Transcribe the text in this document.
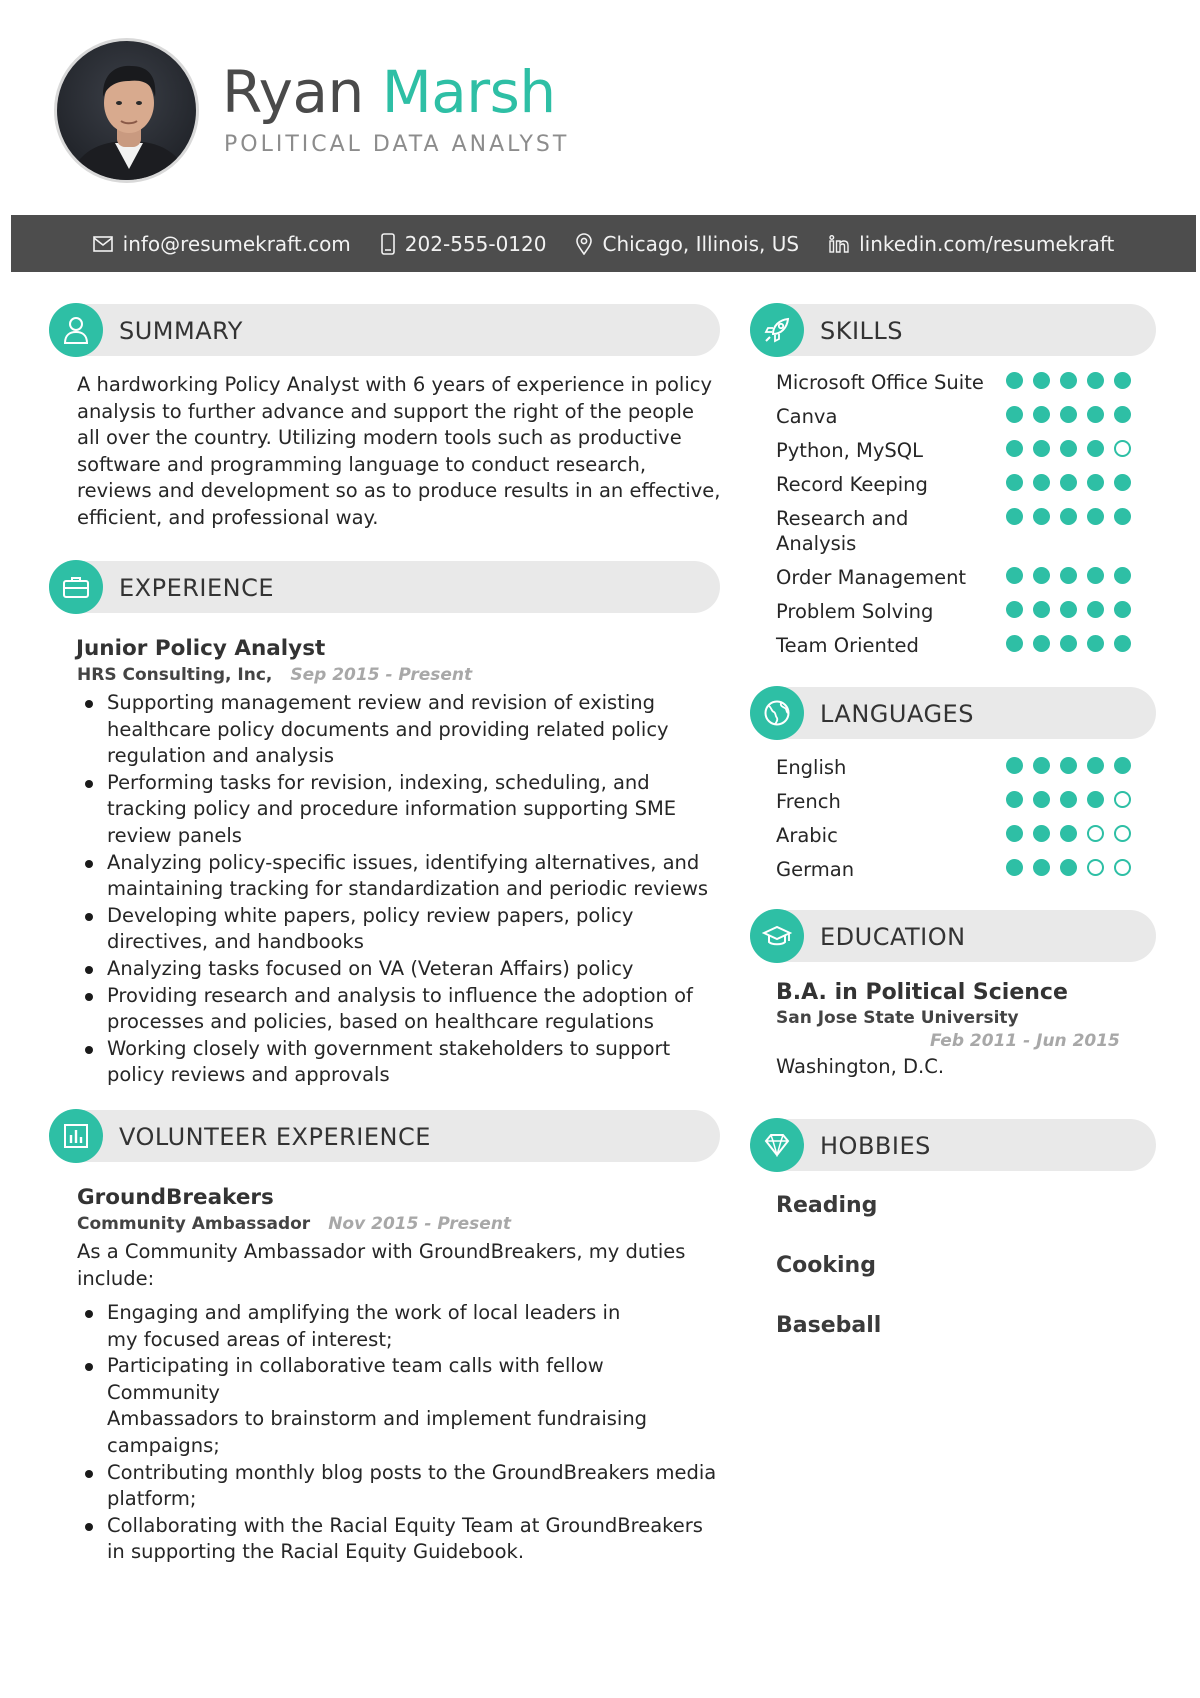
Ryan Marsh
POLITICAL DATA ANALYST
info@resumekraft.com	202-555-0120	Chicago, Illinois, US	linkedin.com/resumekraft
SUMMARY
A hardworking Policy Analyst with 6 years of experience in policy
analysis to further advance and support the right of the people
all over the country. Utilizing modern tools such as productive
software and programming language to conduct research,
reviews and development so as to produce results in an effective,
efficient, and professional way.
EXPERIENCE
Junior Policy Analyst
HRS Consulting, Inc, Sep 2015 - Present
Supporting management review and revision of existing
healthcare policy documents and providing related policy
regulation and analysis
Performing tasks for revision, indexing, scheduling, and
tracking policy and procedure information supporting SME
review panels
Analyzing policy-specific issues, identifying alternatives, and
maintaining tracking for standardization and periodic reviews
Developing white papers, policy review papers, policy
directives, and handbooks
Analyzing tasks focused on VA (Veteran Affairs) policy
Providing research and analysis to influence the adoption of
processes and policies, based on healthcare regulations
Working closely with government stakeholders to support
policy reviews and approvals
VOLUNTEER EXPERIENCE
GroundBreakers
Community Ambassador Nov 2015 - Present
As a Community Ambassador with GroundBreakers, my duties
include:
Engaging and amplifying the work of local leaders in
my focused areas of interest;
Participating in collaborative team calls with fellow Community
Ambassadors to brainstorm and implement fundraising
campaigns;
Contributing monthly blog posts to the GroundBreakers media
platform;
Collaborating with the Racial Equity Team at GroundBreakers
in supporting the Racial Equity Guidebook.
SKILLS
Microsoft Office Suite
Canva
Python, MySQL
Record Keeping
Research and
Analysis
Order Management
Problem Solving
Team Oriented
LANGUAGES
English
French
Arabic
German
EDUCATION
B.A. in Political Science
San Jose State University
Feb 2011 - Jun 2015
Washington, D.C.
HOBBIES
Reading
Cooking
Baseball
